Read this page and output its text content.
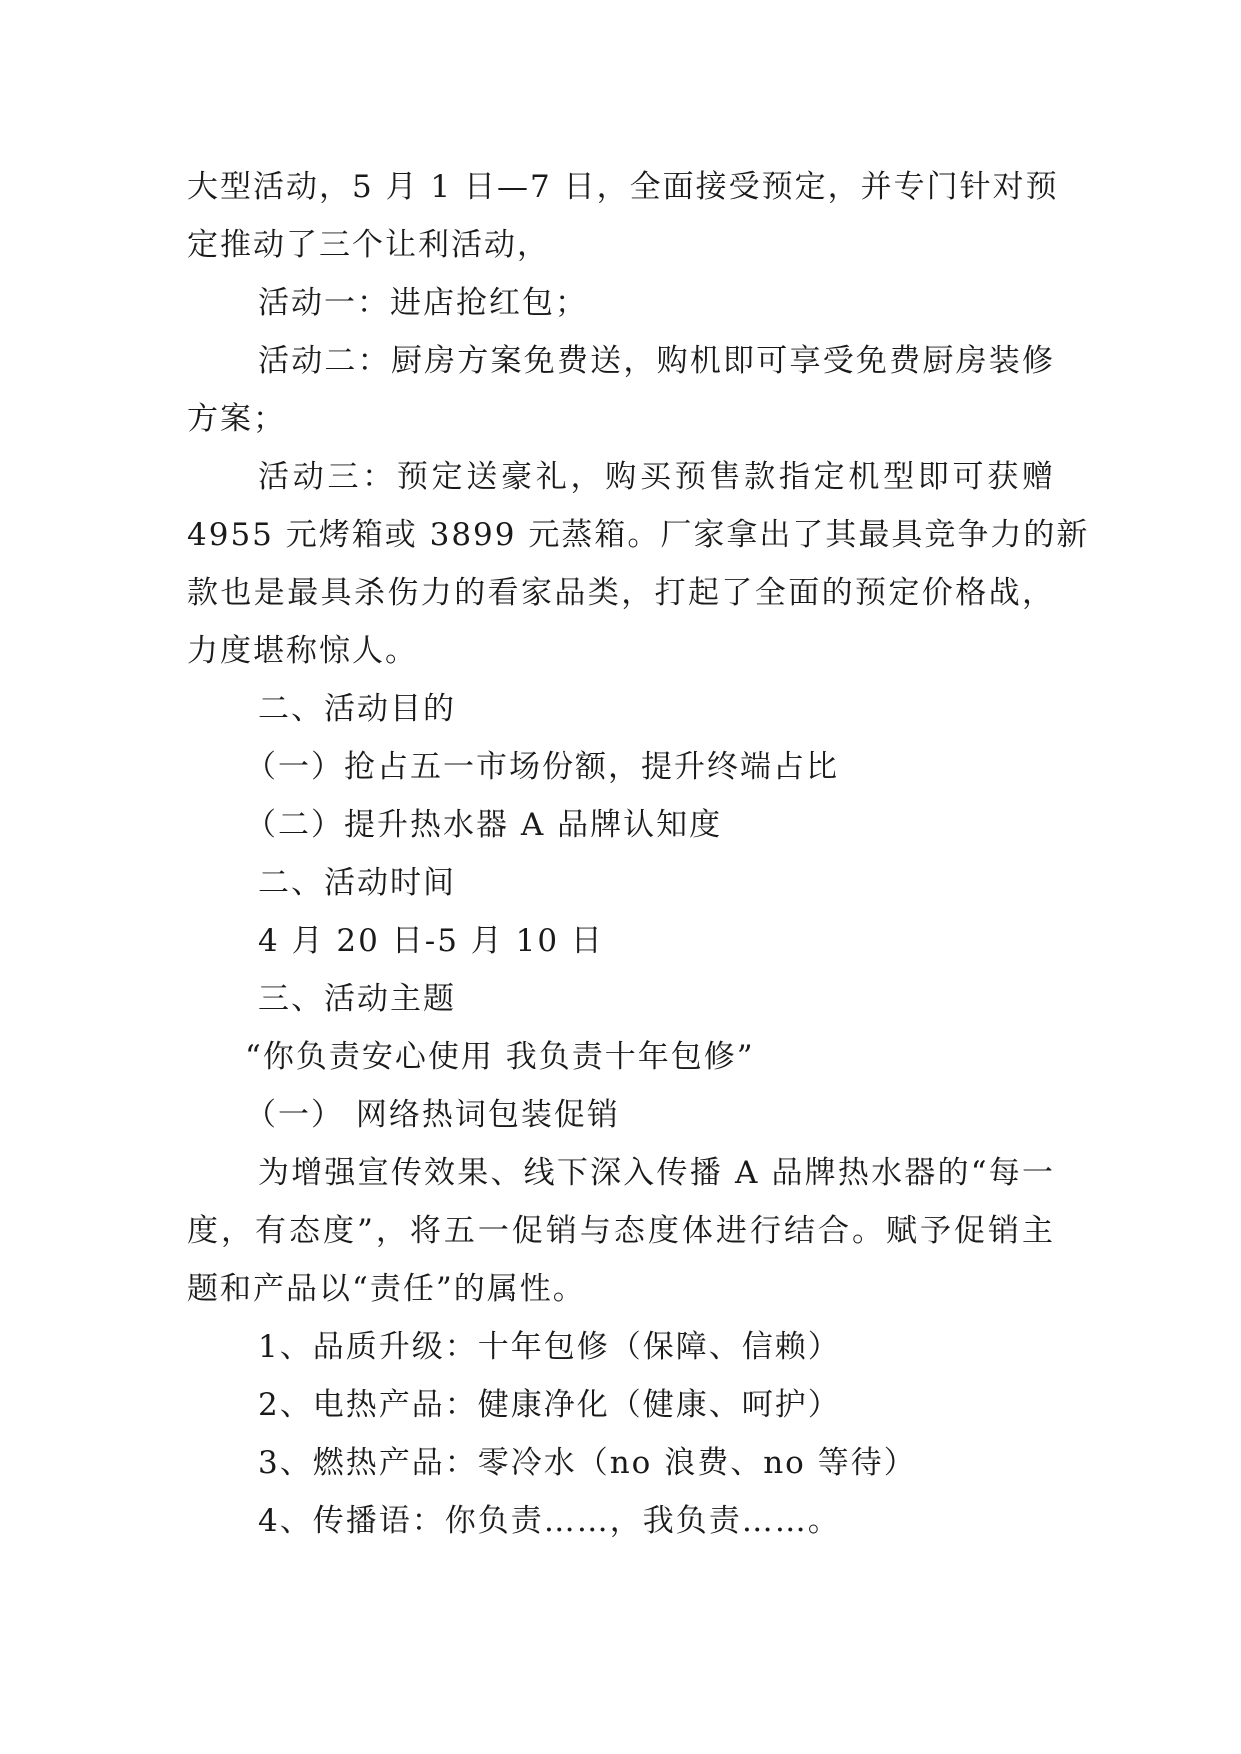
大型活动，5 月 1 日—7 日，全面接受预定，并专门针对预
定推动了三个让利活动，
活动一：进店抢红包；
活动二：厨房方案免费送，购机即可享受免费厨房装修
方案；
活动三：预定送豪礼，购买预售款指定机型即可获赠
4955 元烤箱或 3899 元蒸箱。厂家拿出了其最具竞争力的新
款也是最具杀伤力的看家品类，打起了全面的预定价格战，
力度堪称惊人。
二、活动目的
（一）抢占五一市场份额，提升终端占比
（二）提升热水器 A 品牌认知度
二、活动时间
4 月 20 日-5 月 10 日
三、活动主题
“你负责安心使用 我负责十年包修”
（一） 网络热词包装促销
为增强宣传效果、线下深入传播 A 品牌热水器的“每一
度，有态度”，将五一促销与态度体进行结合。赋予促销主
题和产品以“责任”的属性。
1、品质升级：十年包修（保障、信赖）
2、电热产品：健康净化（健康、呵护）
3、燃热产品：零冷水（no 浪费、no 等待）
4、传播语：你负责……，我负责……。
